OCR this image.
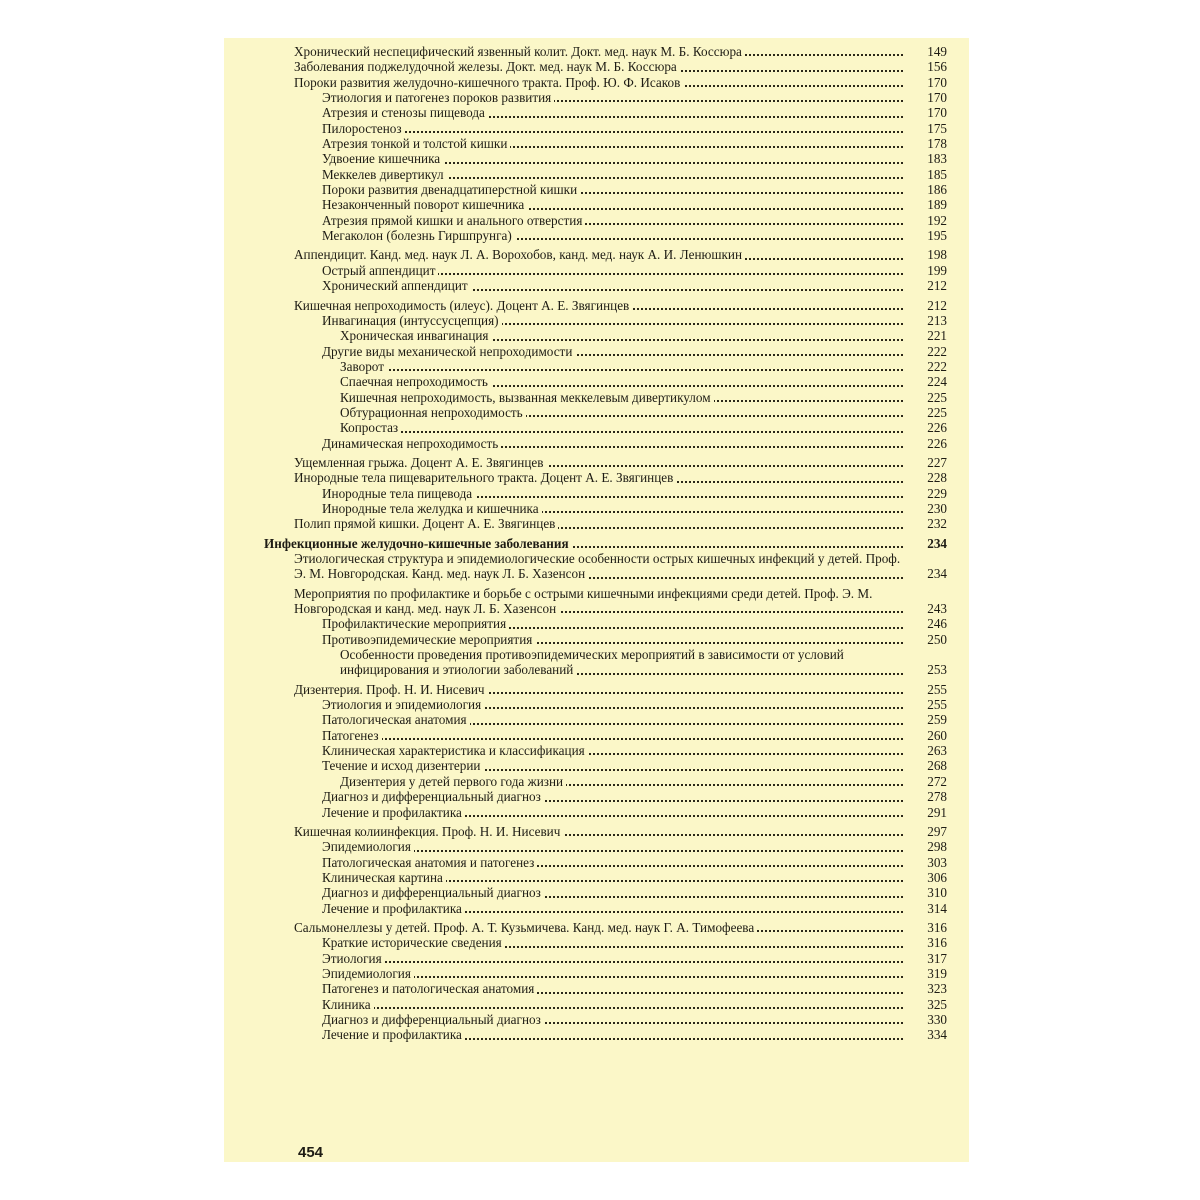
Хронический неспецифический язвенный колит. Докт. мед. наук М. Б. Коссюра	149
Заболевания поджелудочной железы. Докт. мед. наук М. Б. Коссюра	156
Пороки развития желудочно-кишечного тракта. Проф. Ю. Ф. Исаков	170
Этиология и патогенез пороков развития	170
Атрезия и стенозы пищевода	170
Пилоростеноз	175
Атрезия тонкой и толстой кишки	178
Удвоение кишечника	183
Меккелев дивертикул	185
Пороки развития двенадцатиперстной кишки	186
Незаконченный поворот кишечника	189
Атрезия прямой кишки и анального отверстия	192
Мегаколон (болезнь Гиршпрунга)	195
Аппендицит. Канд. мед. наук Л. А. Ворохобов, канд. мед. наук А. И. Ленюшкин	198
Острый аппендицит	199
Хронический аппендицит	212
Кишечная непроходимость (илеус). Доцент А. Е. Звягинцев	212
Инвагинация (интуссусцепция)	213
Хроническая инвагинация	221
Другие виды механической непроходимости	222
Заворот	222
Спаечная непроходимость	224
Кишечная непроходимость, вызванная меккелевым дивертикулом	225
Обтурационная непроходимость	225
Копростаз	226
Динамическая непроходимость	226
Ущемленная грыжа. Доцент А. Е. Звягинцев	227
Инородные тела пищеварительного тракта. Доцент А. Е. Звягинцев	228
Инородные тела пищевода	229
Инородные тела желудка и кишечника	230
Полип прямой кишки. Доцент А. Е. Звягинцев	232
Инфекционные желудочно-кишечные заболевания	234
Этиологическая структура и эпидемиологические особенности острых кишечных инфекций у детей. Проф. Э. М. Новгородская. Канд. мед. наук Л. Б. Хазенсон	234
Мероприятия по профилактике и борьбе с острыми кишечными инфекциями среди детей. Проф. Э. М. Новгородская и канд. мед. наук Л. Б. Хазенсон	243
Профилактические мероприятия	246
Противоэпидемические мероприятия	250
Особенности проведения противоэпидемических мероприятий в зависимости от условий инфицирования и этиологии заболеваний	253
Дизентерия. Проф. Н. И. Нисевич	255
Этиология и эпидемиология	255
Патологическая анатомия	259
Патогенез	260
Клиническая характеристика и классификация	263
Течение и исход дизентерии	268
Дизентерия у детей первого года жизни	272
Диагноз и дифференциальный диагноз	278
Лечение и профилактика	291
Кишечная колиинфекция. Проф. Н. И. Нисевич	297
Эпидемиология	298
Патологическая анатомия и патогенез	303
Клиническая картина	306
Диагноз и дифференциальный диагноз	310
Лечение и профилактика	314
Сальмонеллезы у детей. Проф. А. Т. Кузьмичева. Канд. мед. наук Г. А. Тимофеева	316
Краткие исторические сведения	316
Этиология	317
Эпидемиология	319
Патогенез и патологическая анатомия	323
Клиника	325
Диагноз и дифференциальный диагноз	330
Лечение и профилактика	334
454
